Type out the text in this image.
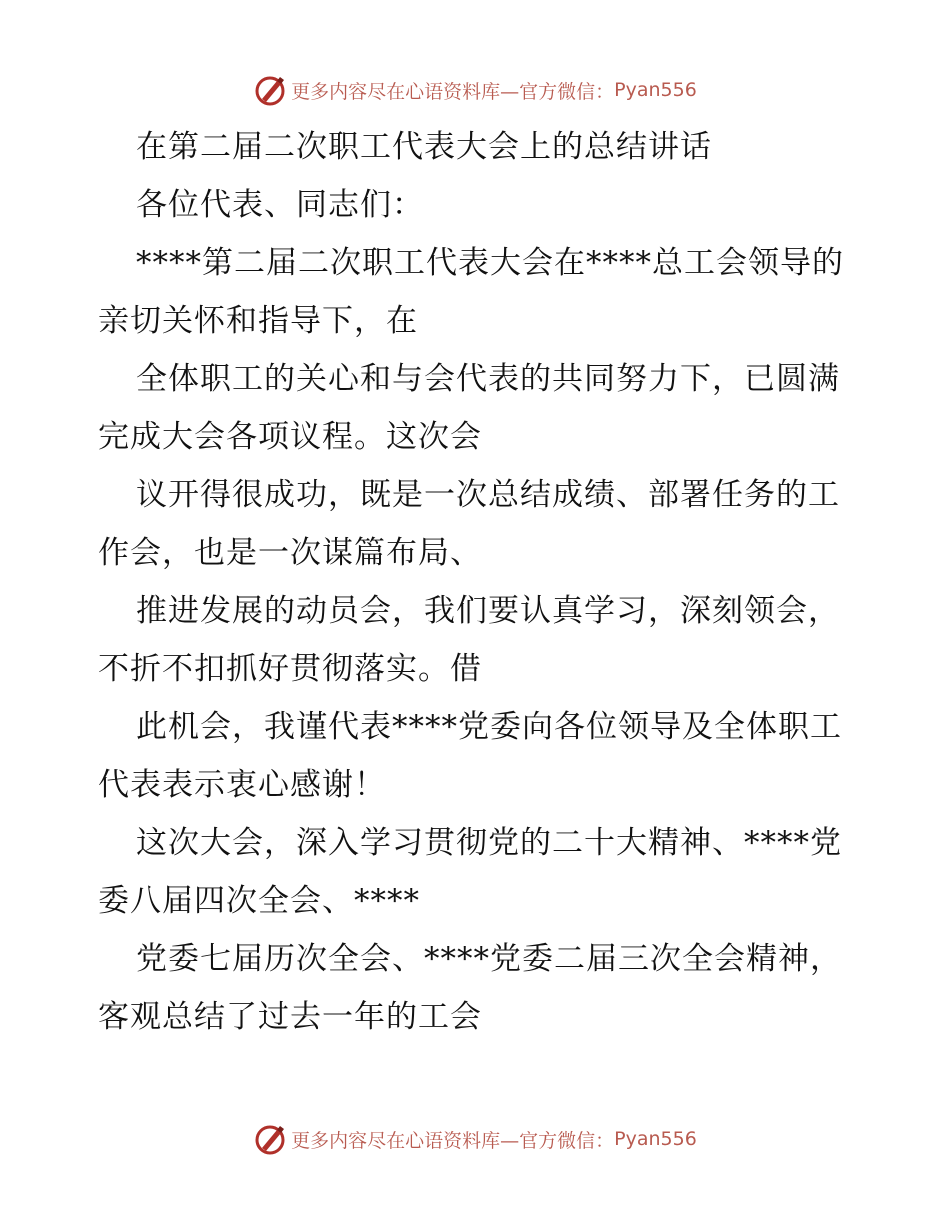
更多内容尽在心语资料库—官方微信： Pyan556

在第二届二次职工代表大会上的总结讲话

各位代表、同志们：

****第二届二次职工代表大会在****总工会领导的亲切关怀和指导下，在

全体职工的关心和与会代表的共同努力下，已圆满完成大会各项议程。这次会

议开得很成功，既是一次总结成绩、部署任务的工作会，也是一次谋篇布局、

推进发展的动员会，我们要认真学习，深刻领会，不折不扣抓好贯彻落实。借

此机会，我谨代表****党委向各位领导及全体职工代表表示衷心感谢！

这次大会，深入学习贯彻党的二十大精神、****党委八届四次全会、****

党委七届历次全会、****党委二届三次全会精神，客观总结了过去一年的工会

更多内容尽在心语资料库—官方微信： Pyan556
